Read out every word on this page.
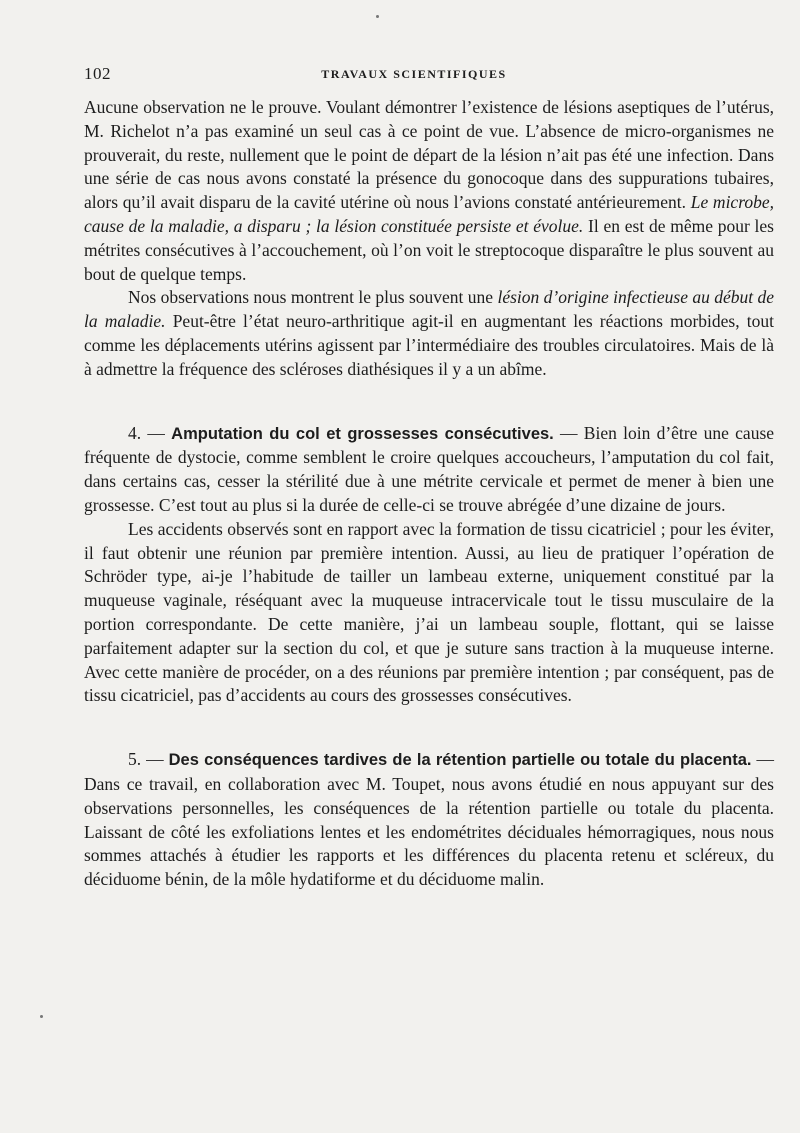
102	TRAVAUX SCIENTIFIQUES

Aucune observation ne le prouve. Voulant démontrer l’existence de lésions aseptiques de l’utérus, M. Richelot n’a pas examiné un seul cas à ce point de vue. L’absence de micro-organismes ne prouverait, du reste, nullement que le point de départ de la lésion n’ait pas été une infection. Dans une série de cas nous avons constaté la présence du gonocoque dans des suppurations tubaires, alors qu’il avait disparu de la cavité utérine où nous l’avions constaté antérieurement. Le microbe, cause de la maladie, a disparu ; la lésion constituée persiste et évolue. Il en est de même pour les métrites consécutives à l’accouchement, où l’on voit le streptocoque disparaître le plus souvent au bout de quelque temps.

Nos observations nous montrent le plus souvent une lésion d’origine infectieuse au début de la maladie. Peut-être l’état neuro-arthritique agit-il en augmentant les réactions morbides, tout comme les déplacements utérins agissent par l’intermédiaire des troubles circulatoires. Mais de là à admettre la fréquence des scléroses diathésiques il y a un abîme.

4. — Amputation du col et grossesses consécutives. — Bien loin d’être une cause fréquente de dystocie, comme semblent le croire quelques accoucheurs, l’amputation du col fait, dans certains cas, cesser la stérilité due à une métrite cervicale et permet de mener à bien une grossesse. C’est tout au plus si la durée de celle-ci se trouve abrégée d’une dizaine de jours.

Les accidents observés sont en rapport avec la formation de tissu cicatriciel ; pour les éviter, il faut obtenir une réunion par première intention. Aussi, au lieu de pratiquer l’opération de Schröder type, ai-je l’habitude de tailler un lambeau externe, uniquement constitué par la muqueuse vaginale, réséquant avec la muqueuse intracervicale tout le tissu musculaire de la portion correspondante. De cette manière, j’ai un lambeau souple, flottant, qui se laisse parfaitement adapter sur la section du col, et que je suture sans traction à la muqueuse interne. Avec cette manière de procéder, on a des réunions par première intention ; par conséquent, pas de tissu cicatriciel, pas d’accidents au cours des grossesses consécutives.

5. — Des conséquences tardives de la rétention partielle ou totale du placenta. — Dans ce travail, en collaboration avec M. Toupet, nous avons étudié en nous appuyant sur des observations personnelles, les conséquences de la rétention partielle ou totale du placenta. Laissant de côté les exfoliations lentes et les endométrites déciduales hémorragiques, nous nous sommes attachés à étudier les rapports et les différences du placenta retenu et scléreux, du déciduome bénin, de la môle hydatiforme et du déciduome malin.
